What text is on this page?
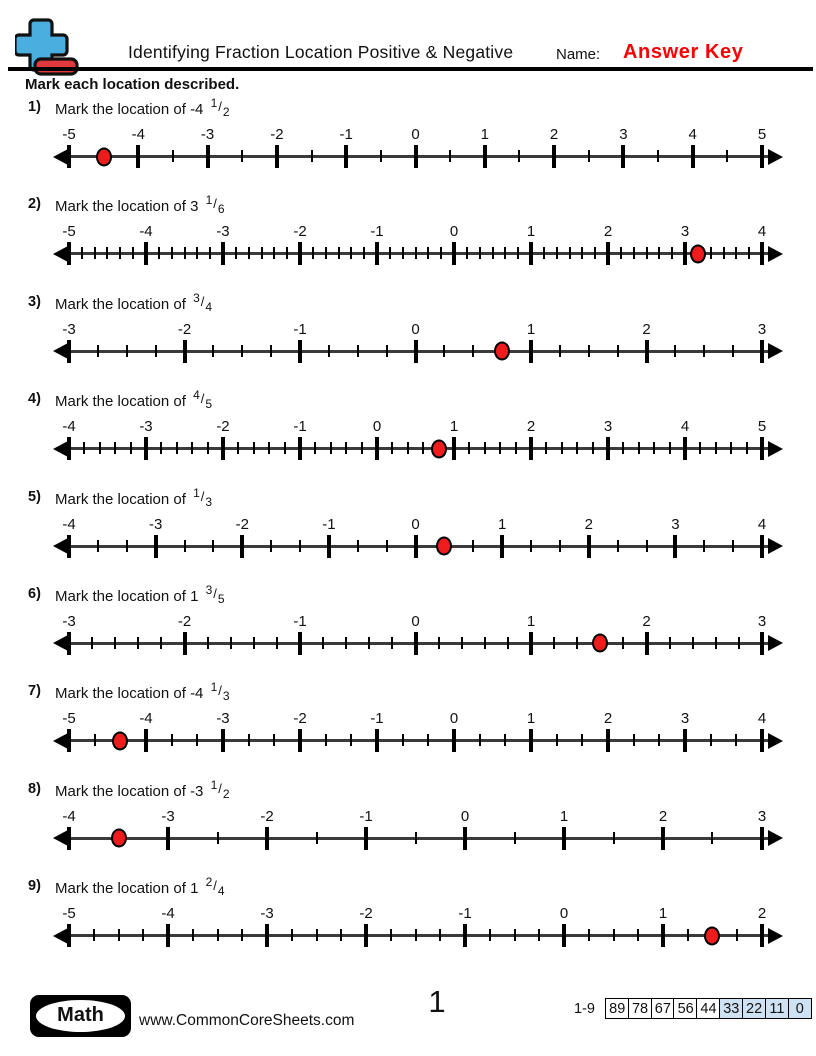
Identifying Fraction Location Positive & Negative	Name: Answer Key
Mark each location described.
1) Mark the location of -4 $^1$/2
-5	-4	-3	-2	-1	0	1	2	3	4	5
2) Mark the location of 3 $^1$/6
-5	-4	-3	-2	-1	0	1	2	3	4
3) Mark the location of $^3$/4
-3	-2	-1	0	1	2	3
4) Mark the location of $^4$/5
-4	-3	-2	-1	0	1	2	3	4	5
5) Mark the location of $^1$/3
-4	-3	-2	-1	0	1	2	3	4
6) Mark the location of 1 $^3$/5
-3	-2	-1	0	1	2	3
7) Mark the location of -4 $^1$/3
-5	-4	-3	-2	-1	0	1	2	3	4
8) Mark the location of -3 $^1$/2
-4	-3	-2	-1	0	1	2	3
9) Mark the location of 1 $^2$/4
-5	-4	-3	-2	-1	0	1	2
Math	www.CommonCoreSheets.com
1	1-9 89 78 67 56 44 33 22 11 0
